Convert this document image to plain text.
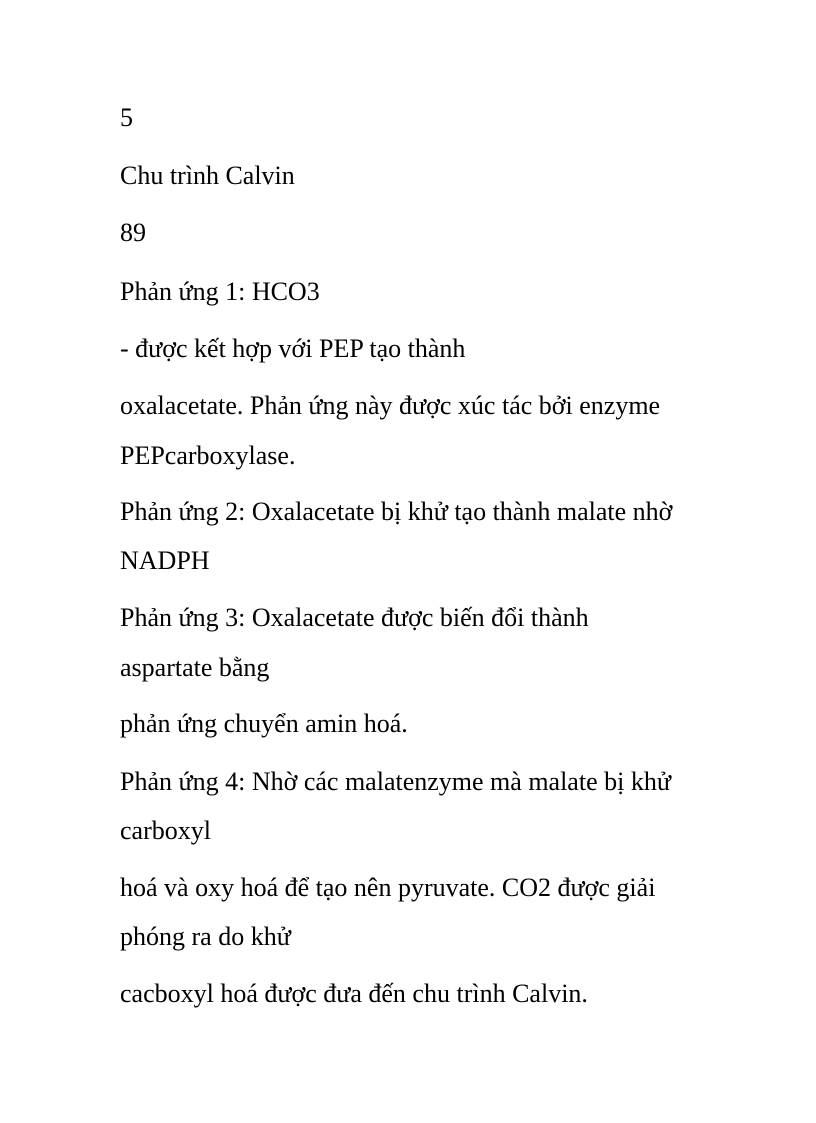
5

Chu trình Calvin

89

Phản ứng 1: HCO3

- được kết hợp với PEP tạo thành

oxalacetate. Phản ứng này được xúc tác bởi enzyme

PEPcarboxylase.

Phản ứng 2: Oxalacetate bị khử tạo thành malate nhờ

NADPH

Phản ứng 3: Oxalacetate được biến đổi thành

aspartate bằng

phản ứng chuyển amin hoá.

Phản ứng 4: Nhờ các malatenzyme mà malate bị khử

carboxyl

hoá và oxy hoá để tạo nên pyruvate. CO2 được giải

phóng ra do khử

cacboxyl hoá được đưa đến chu trình Calvin.
